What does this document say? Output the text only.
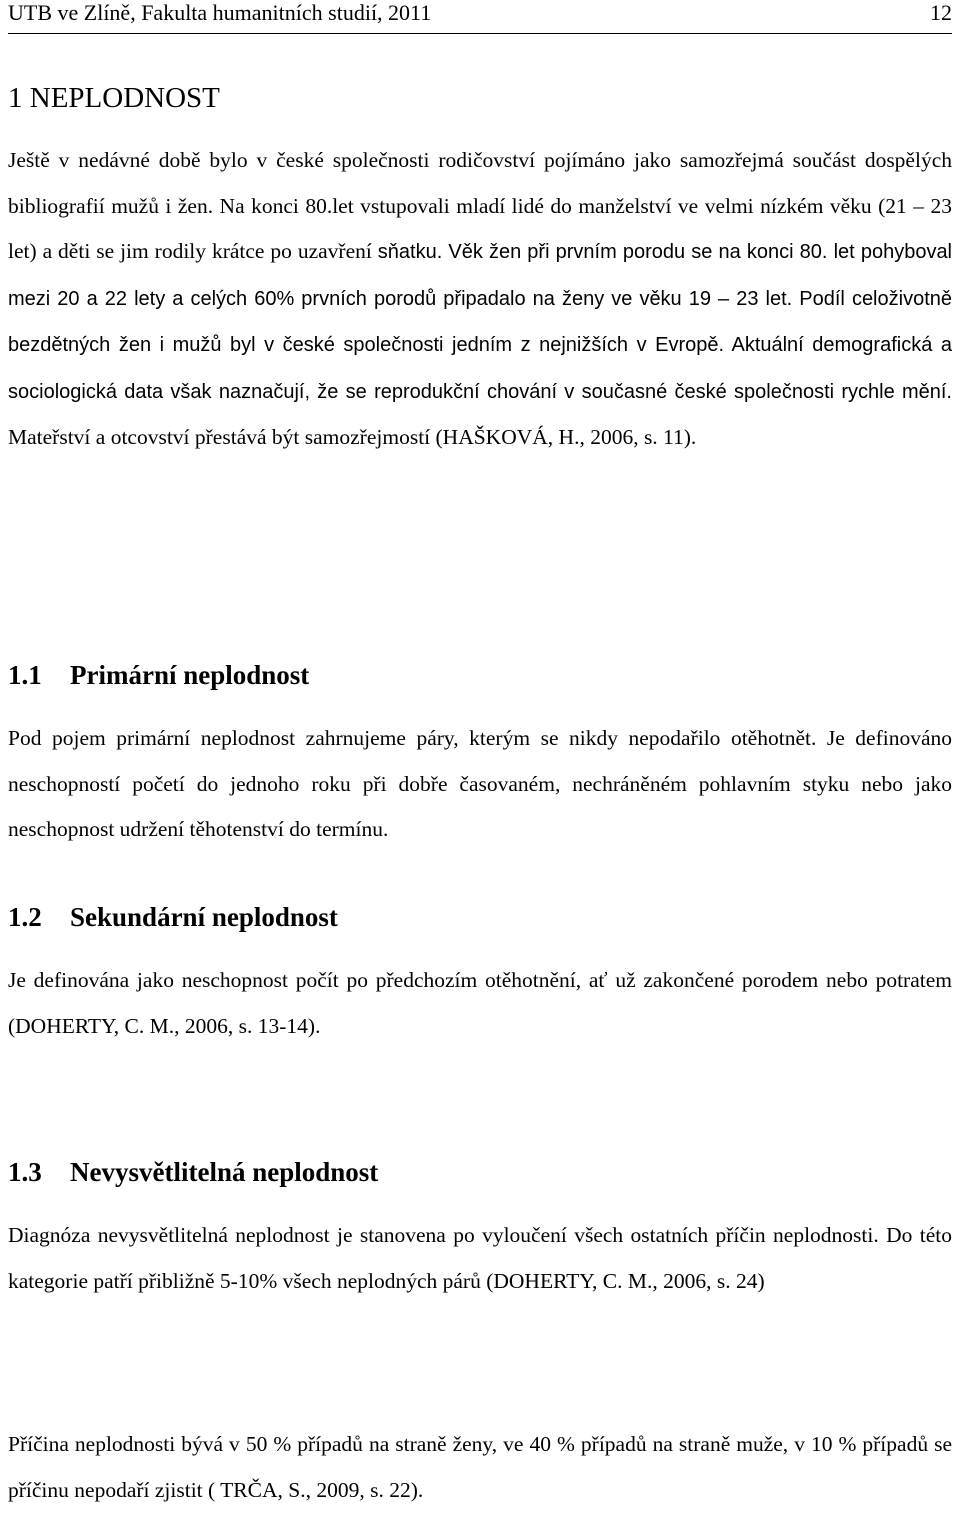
UTB ve Zlíně, Fakulta humanitních studií, 2011	12
1 NEPLODNOST

Ještě v nedávné době bylo v české společnosti rodičovství pojímáno jako samozřejmá součást dospělých bibliografií mužů i žen. Na konci 80.let vstupovali mladí lidé do manželství ve velmi nízkém věku (21 – 23 let) a děti se jim rodily krátce po uzavření sňatku. Věk žen při prvním porodu se na konci 80. let pohyboval mezi 20 a 22 lety a celých 60% prvních porodů připadalo na ženy ve věku 19 – 23 let. Podíl celoživotně bezdětných žen i mužů byl v české společnosti jedním z nejnižších v Evropě. Aktuální demografická a sociologická data však naznačují, že se reprodukční chování v současné české společnosti rychle mění. Mateřství a otcovství přestává být samozřejmostí (HAŠKOVÁ, H., 2006, s. 11).

1.1 Primární neplodnost

Pod pojem primární neplodnost zahrnujeme páry, kterým se nikdy nepodařilo otěhotnět. Je definováno neschopností početí do jednoho roku při dobře časovaném, nechráněném pohlavním styku nebo jako neschopnost udržení těhotenství do termínu.

1.2 Sekundární neplodnost

Je definována jako neschopnost počít po předchozím otěhotnění, ať už zakončené porodem nebo potratem (DOHERTY, C. M., 2006, s. 13-14).

1.3 Nevysvětlitelná neplodnost

Diagnóza nevysvětlitelná neplodnost je stanovena po vyloučení všech ostatních příčin neplodnosti. Do této kategorie patří přibližně 5-10% všech neplodných párů (DOHERTY, C. M., 2006, s. 24)

Příčina neplodnosti bývá v 50 % případů na straně ženy, ve 40 % případů na straně muže, v 10 % případů se příčinu nepodaří zjistit ( TRČA, S., 2009, s. 22).
